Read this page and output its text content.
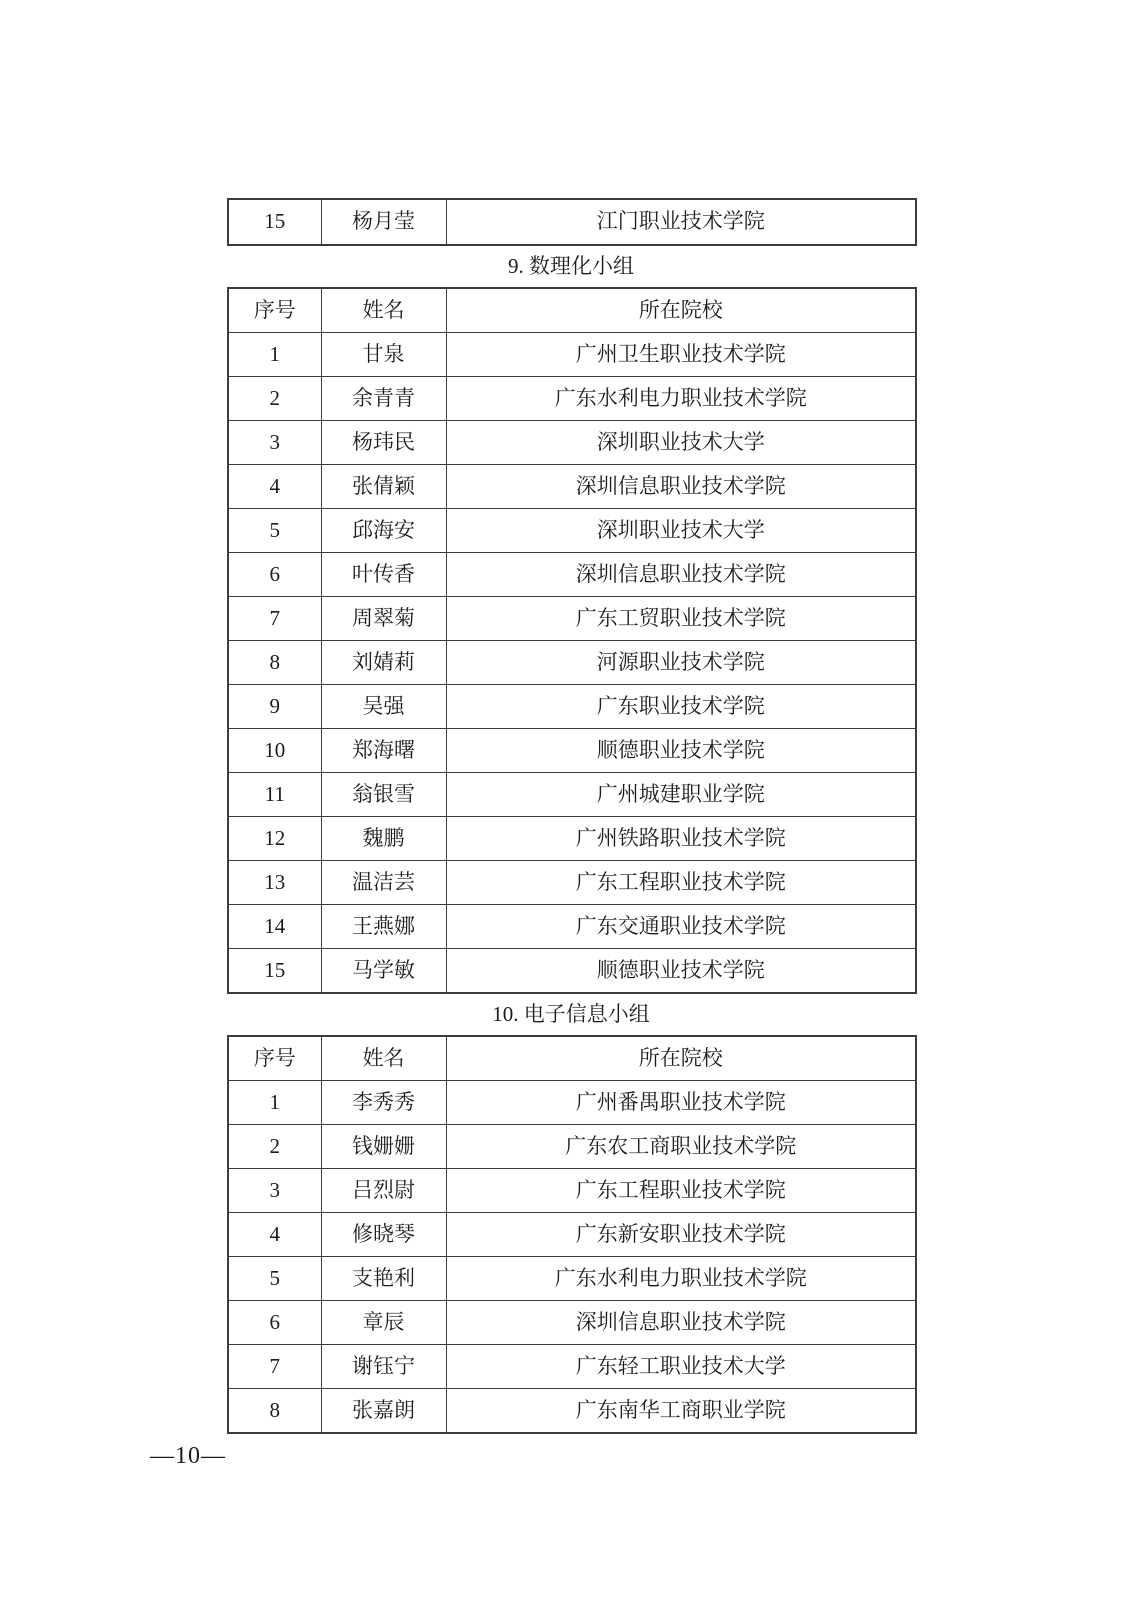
15	杨月莹	江门职业技术学院
9. 数理化小组
序号	姓名	所在院校
1	甘泉	广州卫生职业技术学院
2	余青青	广东水利电力职业技术学院
3	杨玮民	深圳职业技术大学
4	张倩颖	深圳信息职业技术学院
5	邱海安	深圳职业技术大学
6	叶传香	深圳信息职业技术学院
7	周翠菊	广东工贸职业技术学院
8	刘婧莉	河源职业技术学院
9	吴强	广东职业技术学院
10	郑海曙	顺德职业技术学院
11	翁银雪	广州城建职业学院
12	魏鹏	广州铁路职业技术学院
13	温洁芸	广东工程职业技术学院
14	王燕娜	广东交通职业技术学院
15	马学敏	顺德职业技术学院
10. 电子信息小组
序号	姓名	所在院校
1	李秀秀	广州番禺职业技术学院
2	钱姗姗	广东农工商职业技术学院
3	吕烈尉	广东工程职业技术学院
4	修晓琴	广东新安职业技术学院
5	支艳利	广东水利电力职业技术学院
6	章辰	深圳信息职业技术学院
7	谢钰宁	广东轻工职业技术大学
8	张嘉朗	广东南华工商职业学院
—10—
